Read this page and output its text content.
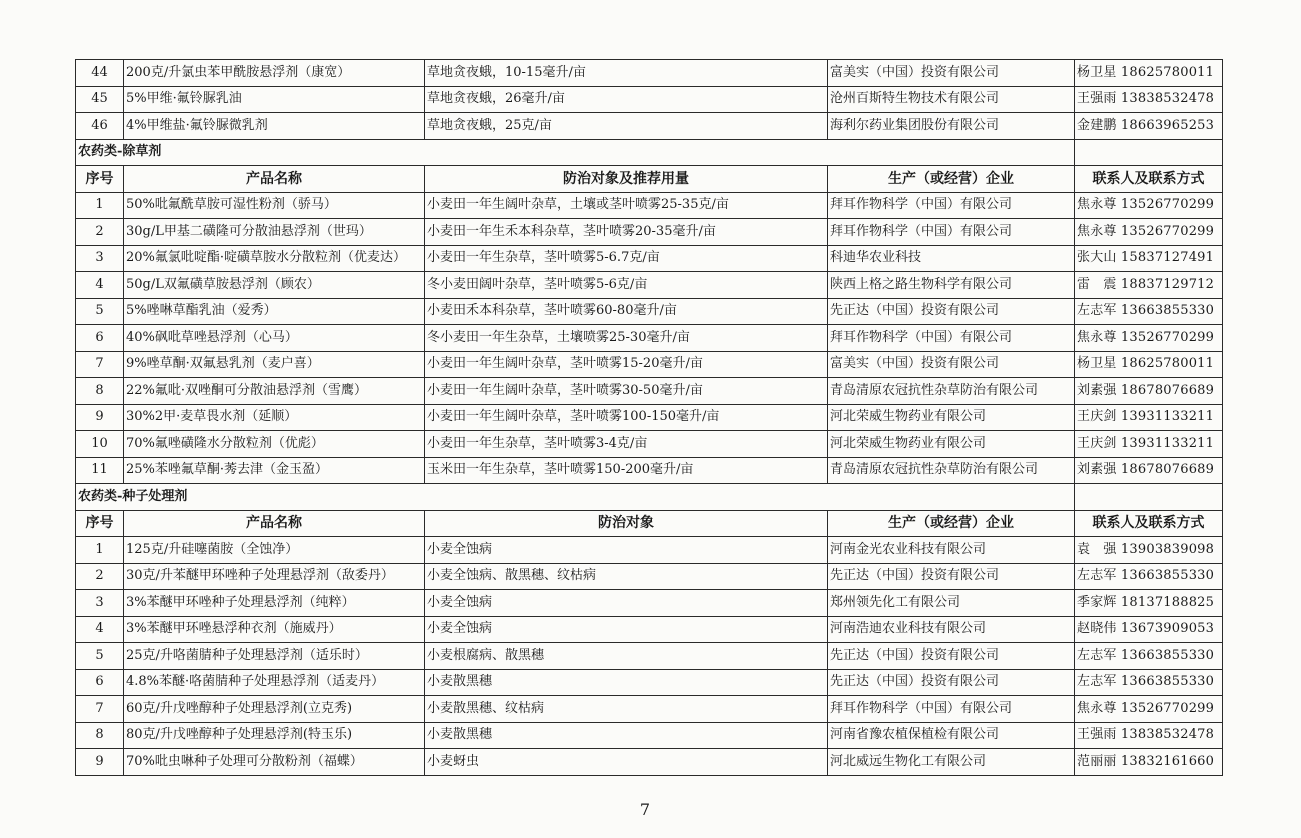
44	200克/升氯虫苯甲酰胺悬浮剂（康宽）	草地贪夜蛾，10-15毫升/亩	富美实（中国）投资有限公司	杨卫星 18625780011
45	5%甲维·氟铃脲乳油	草地贪夜蛾，26毫升/亩	沧州百斯特生物技术有限公司	王强雨 13838532478
46	4%甲维盐·氟铃脲微乳剂	草地贪夜蛾，25克/亩	海利尔药业集团股份有限公司	金建鹏 18663965253
农药类-除草剂				
序号	产品名称	防治对象及推荐用量	生产（或经营）企业	联系人及联系方式
1	50%吡氟酰草胺可湿性粉剂（骄马）	小麦田一年生阔叶杂草，土壤或茎叶喷雾25-35克/亩	拜耳作物科学（中国）有限公司	焦永尊 13526770299
2	30g/L甲基二磺隆可分散油悬浮剂（世玛）	小麦田一年生禾本科杂草，茎叶喷雾20-35毫升/亩	拜耳作物科学（中国）有限公司	焦永尊 13526770299
3	20%氟氯吡啶酯·啶磺草胺水分散粒剂（优麦达）	小麦田一年生杂草，茎叶喷雾5-6.7克/亩	科迪华农业科技	张大山 15837127491
4	50g/L双氟磺草胺悬浮剂（顾农）	冬小麦田阔叶杂草，茎叶喷雾5-6克/亩	陕西上格之路生物科学有限公司	雷　震 18837129712
5	5%唑啉草酯乳油（爱秀）	小麦田禾本科杂草，茎叶喷雾60-80毫升/亩	先正达（中国）投资有限公司	左志军 13663855330
6	40%砜吡草唑悬浮剂（心马）	冬小麦田一年生杂草，土壤喷雾25-30毫升/亩	拜耳作物科学（中国）有限公司	焦永尊 13526770299
7	9%唑草酮·双氟悬乳剂（麦户喜）	小麦田一年生阔叶杂草，茎叶喷雾15-20毫升/亩	富美实（中国）投资有限公司	杨卫星 18625780011
8	22%氟吡·双唑酮可分散油悬浮剂（雪鹰）	小麦田一年生阔叶杂草，茎叶喷雾30-50毫升/亩	青岛清原农冠抗性杂草防治有限公司	刘素强 18678076689
9	30%2甲·麦草畏水剂（延顺）	小麦田一年生阔叶杂草，茎叶喷雾100-150毫升/亩	河北荣威生物药业有限公司	王庆剑 13931133211
10	70%氟唑磺隆水分散粒剂（优彪）	小麦田一年生杂草，茎叶喷雾3-4克/亩	河北荣威生物药业有限公司	王庆剑 13931133211
11	25%苯唑氟草酮·莠去津（金玉盈）	玉米田一年生杂草，茎叶喷雾150-200毫升/亩	青岛清原农冠抗性杂草防治有限公司	刘素强 18678076689
农药类-种子处理剂				
序号	产品名称	防治对象	生产（或经营）企业	联系人及联系方式
1	125克/升硅噻菌胺（全蚀净）	小麦全蚀病	河南金光农业科技有限公司	袁　强 13903839098
2	30克/升苯醚甲环唑种子处理悬浮剂（敌委丹）	小麦全蚀病、散黑穗、纹枯病	先正达（中国）投资有限公司	左志军 13663855330
3	3%苯醚甲环唑种子处理悬浮剂（纯粹）	小麦全蚀病	郑州领先化工有限公司	季家辉 18137188825
4	3%苯醚甲环唑悬浮种衣剂（施威丹）	小麦全蚀病	河南浩迪农业科技有限公司	赵晓伟 13673909053
5	25克/升咯菌腈种子处理悬浮剂（适乐时）	小麦根腐病、散黑穗	先正达（中国）投资有限公司	左志军 13663855330
6	4.8%苯醚·咯菌腈种子处理悬浮剂（适麦丹）	小麦散黑穗	先正达（中国）投资有限公司	左志军 13663855330
7	60克/升戊唑醇种子处理悬浮剂(立克秀)	小麦散黑穗、纹枯病	拜耳作物科学（中国）有限公司	焦永尊 13526770299
8	80克/升戊唑醇种子处理悬浮剂(特玉乐)	小麦散黑穗	河南省豫农植保植检有限公司	王强雨 13838532478
9	70%吡虫啉种子处理可分散粉剂（福蝶）	小麦蚜虫	河北威远生物化工有限公司	范丽丽 13832161660
7
